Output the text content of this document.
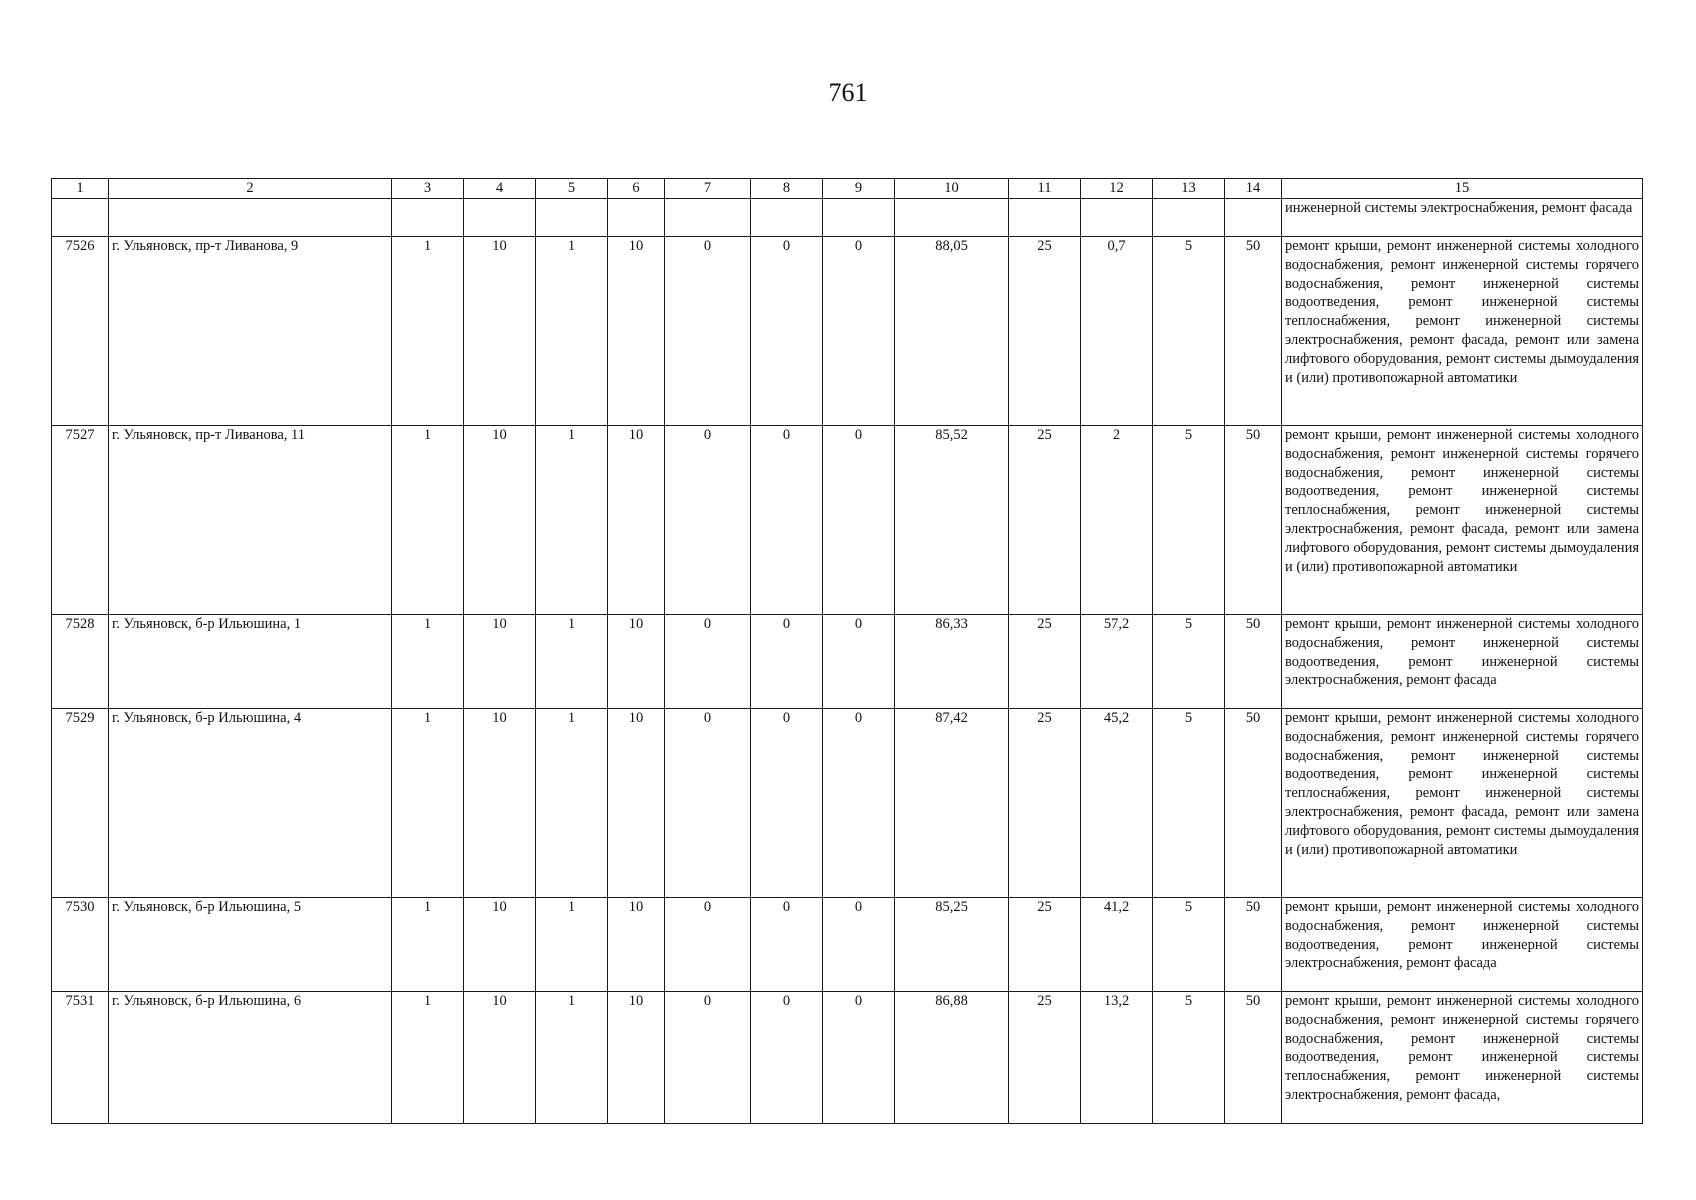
761
1	2	3	4	5	6	7	8	9	10	11	12	13	14	15
														инженерной системы электроснабжения, ремонт фасада
7526	г. Ульяновск, пр-т Ливанова, 9	1	10	1	10	0	0	0	88,05	25	0,7	5	50	ремонт крыши, ремонт инженерной системы холодного водоснабжения, ремонт инженерной системы горячего водоснабжения, ремонт инженерной системы водоотведения, ремонт инженерной системы теплоснабжения, ремонт инженерной системы электроснабжения, ремонт фасада, ремонт или замена лифтового оборудования, ремонт системы дымоудаления и (или) противопожарной автоматики
7527	г. Ульяновск, пр-т Ливанова, 11	1	10	1	10	0	0	0	85,52	25	2	5	50	ремонт крыши, ремонт инженерной системы холодного водоснабжения, ремонт инженерной системы горячего водоснабжения, ремонт инженерной системы водоотведения, ремонт инженерной системы теплоснабжения, ремонт инженерной системы электроснабжения, ремонт фасада, ремонт или замена лифтового оборудования, ремонт системы дымоудаления и (или) противопожарной автоматики
7528	г. Ульяновск, б-р Ильюшина, 1	1	10	1	10	0	0	0	86,33	25	57,2	5	50	ремонт крыши, ремонт инженерной системы холодного водоснабжения, ремонт инженерной системы водоотведения, ремонт инженерной системы электроснабжения, ремонт фасада
7529	г. Ульяновск, б-р Ильюшина, 4	1	10	1	10	0	0	0	87,42	25	45,2	5	50	ремонт крыши, ремонт инженерной системы холодного водоснабжения, ремонт инженерной системы горячего водоснабжения, ремонт инженерной системы водоотведения, ремонт инженерной системы теплоснабжения, ремонт инженерной системы электроснабжения, ремонт фасада, ремонт или замена лифтового оборудования, ремонт системы дымоудаления и (или) противопожарной автоматики
7530	г. Ульяновск, б-р Ильюшина, 5	1	10	1	10	0	0	0	85,25	25	41,2	5	50	ремонт крыши, ремонт инженерной системы холодного водоснабжения, ремонт инженерной системы водоотведения, ремонт инженерной системы электроснабжения, ремонт фасада
7531	г. Ульяновск, б-р Ильюшина, 6	1	10	1	10	0	0	0	86,88	25	13,2	5	50	ремонт крыши, ремонт инженерной системы холодного водоснабжения, ремонт инженерной системы горячего водоснабжения, ремонт инженерной системы водоотведения, ремонт инженерной системы теплоснабжения, ремонт инженерной системы электроснабжения, ремонт фасада,
